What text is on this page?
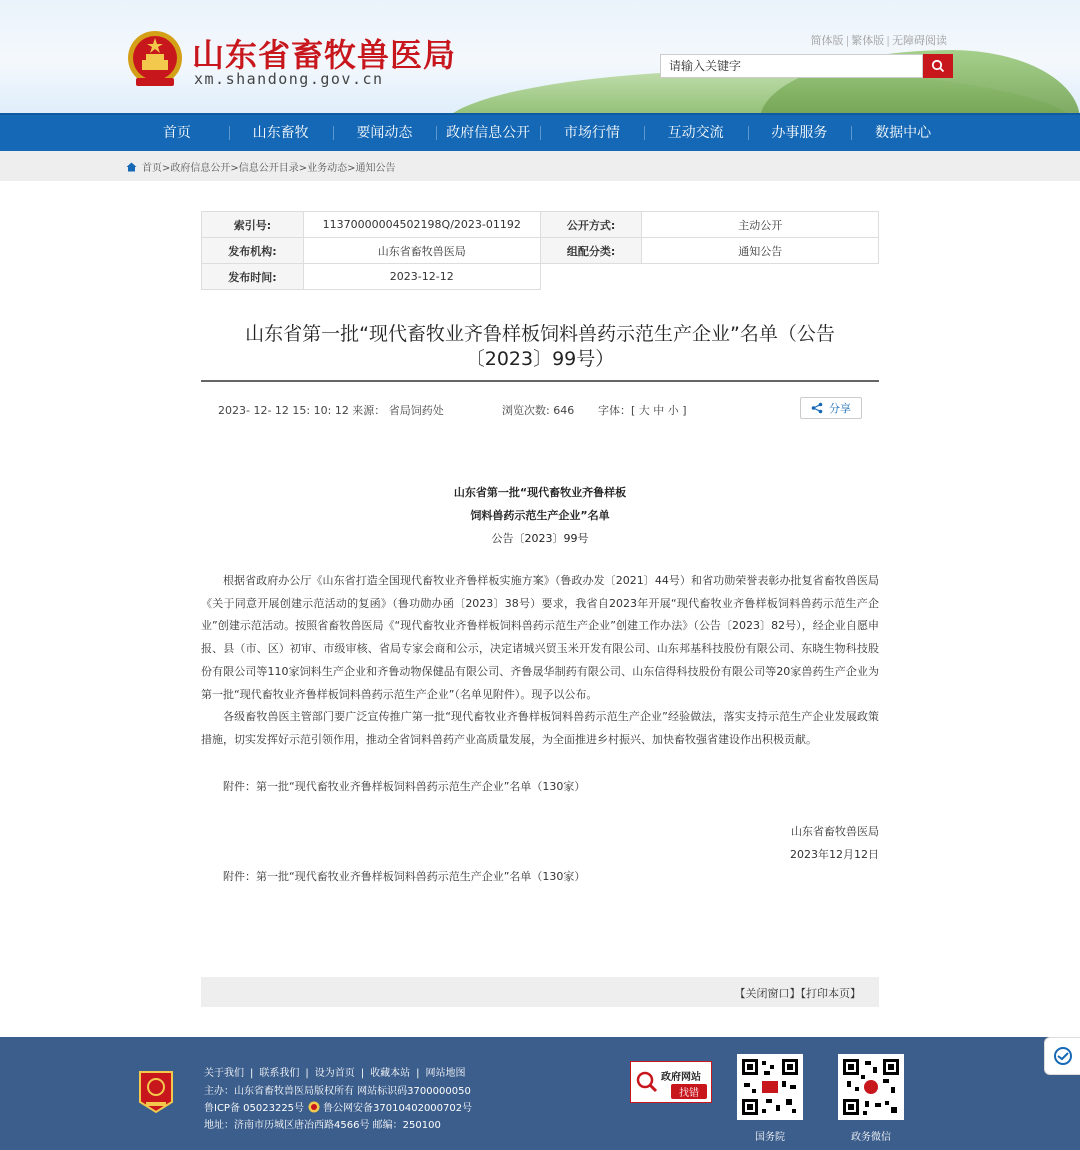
山东省畜牧兽医局
xm.shandong.gov.cn
简体版 | 繁体版 | 无障碍阅读
请输入关键字
首页	山东畜牧	要闻动态	政府信息公开	市场行情	互动交流	办事服务	数据中心
首页>政府信息公开>信息公开目录>业务动态>通知公告
索引号:	11370000004502198Q/2023-01192	公开方式:	主动公开
发布机构:	山东省畜牧兽医局	组配分类:	通知公告
发布时间:	2023-12-12		
山东省第一批“现代畜牧业齐鲁样板饲料兽药示范生产企业”名单（公告
〔2023〕99号）
2023- 12- 12 15: 10: 12 来源： 省局饲药处	浏览次数: 646 字体：[ 大 中 小 ]	分享
山东省第一批“现代畜牧业齐鲁样板
饲料兽药示范生产企业”名单
公告〔2023〕99号
根据省政府办公厅《山东省打造全国现代畜牧业齐鲁样板实施方案》（鲁政办发〔2021〕44号）和省功勋荣誉表彰办批复省畜牧兽医局《关于同意开展创建示范活动的复函》（鲁功勋办函〔2023〕38号）要求，我省自2023年开展“现代畜牧业齐鲁样板饲料兽药示范生产企业”创建示范活动。按照省畜牧兽医局《“现代畜牧业齐鲁样板饲料兽药示范生产企业”创建工作办法》（公告〔2023〕82号），经企业自愿申报、县（市、区）初审、市级审核、省局专家会商和公示，决定诸城兴贸玉米开发有限公司、山东邦基科技股份有限公司、东晓生物科技股份有限公司等110家饲料生产企业和齐鲁动物保健品有限公司、齐鲁晟华制药有限公司、山东信得科技股份有限公司等20家兽药生产企业为第一批“现代畜牧业齐鲁样板饲料兽药示范生产企业”（名单见附件）。现予以公布。
各级畜牧兽医主管部门要广泛宣传推广第一批“现代畜牧业齐鲁样板饲料兽药示范生产企业”经验做法，落实支持示范生产企业发展政策措施，切实发挥好示范引领作用，推动全省饲料兽药产业高质量发展，为全面推进乡村振兴、加快畜牧强省建设作出积极贡献。
附件：第一批“现代畜牧业齐鲁样板饲料兽药示范生产企业”名单（130家）
山东省畜牧兽医局
2023年12月12日
附件：第一批“现代畜牧业齐鲁样板饲料兽药示范生产企业”名单（130家）
【关闭窗口】【打印本页】
关于我们 | 联系我们 | 设为首页 | 收藏本站 | 网站地图
主办：山东省畜牧兽医局版权所有 网站标识码3700000050
鲁ICP备 05023225号 鲁公网安备37010402000702号
地址：济南市历城区唐冶西路4566号 邮编：250100
政府网站
找错
国务院	政务微信
